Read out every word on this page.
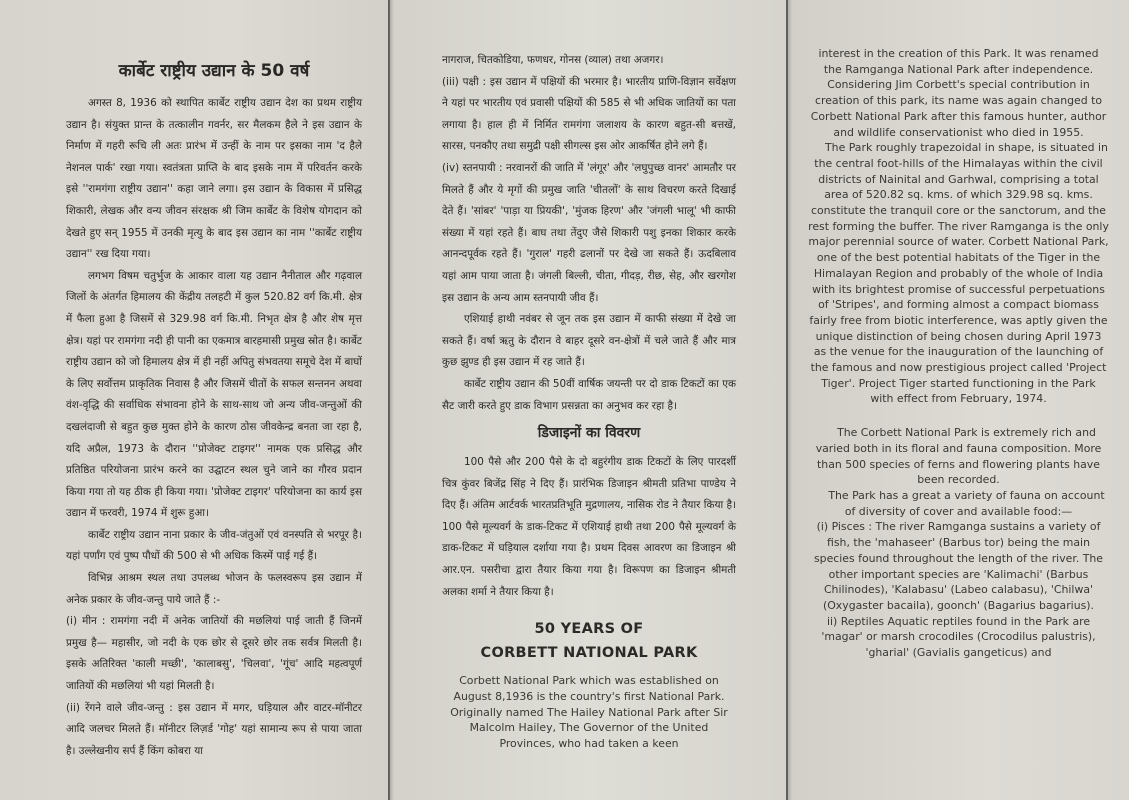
कार्बेट राष्ट्रीय उद्यान के 50 वर्ष

अगस्त 8, 1936 को स्थापित कार्बेट राष्ट्रीय उद्यान देश का प्रथम राष्ट्रीय उद्यान है। संयुक्त प्रान्त के तत्कालीन गवर्नर, सर मैलकम हैले ने इस उद्यान के निर्माण में गहरी रूचि ली अतः प्रारंभ में उन्हीं के नाम पर इसका नाम 'द हैले नेशनल पार्क' रखा गया। स्वतंत्रता प्राप्ति के बाद इसके नाम में परिवर्तन करके इसे ''रामगंगा राष्ट्रीय उद्यान'' कहा जाने लगा। इस उद्यान के विकास में प्रसिद्ध शिकारी, लेखक और वन्य जीवन संरक्षक श्री जिम कार्बेट के विशेष योगदान को देखते हुए सन् 1955 में उनकी मृत्यु के बाद इस उद्यान का नाम ''कार्बेट राष्ट्रीय उद्यान'' रख दिया गया।

लगभग विषम चतुर्भुज के आकार वाला यह उद्यान नैनीताल और गढ़वाल जिलों के अंतर्गत हिमालय की केंद्रीय तलहटी में कुल 520.82 वर्ग कि.मी. क्षेत्र में फैला हुआ है जिसमें से 329.98 वर्ग कि.मी. निभृत क्षेत्र है और शेष मृत्त क्षेत्र। यहां पर रामगंगा नदी ही पानी का एकमात्र बारहमासी प्रमुख स्रोत है। कार्बेट राष्ट्रीय उद्यान को जो हिमालय क्षेत्र में ही नहीं अपितु संभवतया समूचे देश में बाघों के लिए सर्वोत्तम प्राकृतिक निवास है और जिसमें चीतों के सफल सन्तनन अथवा वंश-वृद्धि की सर्वाधिक संभावना होने के साथ-साथ जो अन्य जीव-जन्तुओं की दखलंदाजी से बहुत कुछ मुक्त होने के कारण ठोस जीवकेन्द्र बनता जा रहा है, यदि अप्रैल, 1973 के दौरान ''प्रोजेक्ट टाइगर'' नामक एक प्रसिद्ध और प्रतिष्ठित परियोजना प्रारंभ करने का उद्घाटन स्थल चुने जाने का गौरव प्रदान किया गया तो यह ठीक ही किया गया। 'प्रोजेक्ट टाइगर' परियोजना का कार्य इस उद्यान में फरवरी, 1974 में शुरू हुआ।

कार्बेट राष्ट्रीय उद्यान नाना प्रकार के जीव-जंतुओं एवं वनस्पति से भरपूर है। यहां पर्णांग एवं पुष्प पौधों की 500 से भी अधिक किस्में पाई गई हैं।

विभिन्न आश्रम स्थल तथा उपलब्ध भोजन के फलस्वरूप इस उद्यान में अनेक प्रकार के जीव-जन्तु पाये जाते हैं :-

(i) मीन : रामगंगा नदी में अनेक जातियों की मछलियां पाई जाती हैं जिनमें प्रमुख है— महासीर, जो नदी के एक छोर से दूसरे छोर तक सर्वत्र मिलती है। इसके अतिरिक्त 'काली मच्छी', 'कालाबसु', 'चिलवा', 'गूंच' आदि महत्वपूर्ण जातियों की मछलियां भी यहां मिलती है।

(ii) रेंगने वाले जीव-जन्तु : इस उद्यान में मगर, घड़ियाल और वाटर-मॉनीटर आदि जलचर मिलते हैं। मॉनीटर लिज़र्ड 'गोह' यहां सामान्य रूप से पाया जाता है। उल्लेखनीय सर्प हैं किंग कोबरा या

नागराज, चितकोडिया, फणधर, गोनस (व्याल) तथा अजगर।

(iii) पक्षी : इस उद्यान में पक्षियों की भरमार है। भारतीय प्राणि-विज्ञान सर्वेक्षण ने यहां पर भारतीय एवं प्रवासी पक्षियों की 585 से भी अधिक जातियों का पता लगाया है। हाल ही में निर्मित रामगंगा जलाशय के कारण बहुत-सी बत्तखें, सारस, पनकौए तथा समुद्री पक्षी सीगल्स इस ओर आकर्षित होने लगे हैं।

(iv) स्तनपायी : नरवानरों की जाति में 'लंगूर' और 'लघुपुच्छ वानर' आमतौर पर मिलते हैं और ये मृगों की प्रमुख जाति 'चीतलों' के साथ विचरण करते दिखाई देते हैं। 'सांबर' 'पाड़ा या प्रियकी', 'मुंजक हिरण' और 'जंगली भालू' भी काफी संख्या में यहां रहते हैं। बाघ तथा तेंदुए जैसे शिकारी पशु इनका शिकार करके आनन्दपूर्वक रहते हैं। 'गुराल' गहरी ढलानों पर देखे जा सकते हैं। ऊदबिलाव यहां आम पाया जाता है। जंगली बिल्ली, चीता, गीदड़, रीछ, सेह, और खरगोश इस उद्यान के अन्य आम स्तनपायी जीव हैं।

एशियाई हाथी नवंबर से जून तक इस उद्यान में काफी संख्या में देखे जा सकते हैं। वर्षा ऋतु के दौरान वे बाहर दूसरे वन-क्षेत्रों में चले जाते हैं और मात्र कुछ झुण्ड ही इस उद्यान में रह जाते हैं।

कार्बेट राष्ट्रीय उद्यान की 50वीं वार्षिक जयन्ती पर दो डाक टिकटों का एक सैट जारी करते हुए डाक विभाग प्रसन्नता का अनुभव कर रहा है।

डिजाइनों का विवरण

100 पैसे और 200 पैसे के दो बहुरंगीय डाक टिकटों के लिए पारदर्शी चित्र कुंवर बिजेंद्र सिंह ने दिए हैं। प्रारंभिक डिजाइन श्रीमती प्रतिभा पाण्डेय ने दिए हैं। अंतिम आर्टवर्क भारतप्रतिभूति मुद्रणालय, नासिक रोड ने तैयार किया है। 100 पैसे मूल्यवर्ग के डाक-टिकट में एशियाई हाथी तथा 200 पैसे मूल्यवर्ग के डाक-टिकट में घड़ियाल दर्शाया गया है। प्रथम दिवस आवरण का डिजाइन श्री आर.एन. पसरीचा द्वारा तैयार किया गया है। विरूपण का डिजाइन श्रीमती अलका शर्मा ने तैयार किया है।

50 YEARS OF
CORBETT NATIONAL PARK

Corbett National Park which was established on August 8,1936 is the country's first National Park. Originally named The Hailey National Park after Sir Malcolm Hailey, The Governor of the United Provinces, who had taken a keen

interest in the creation of this Park. It was renamed the Ramganga National Park after independence. Considering Jim Corbett's special contribution in creation of this park, its name was again changed to Corbett National Park after this famous hunter, author and wildlife conservationist who died in 1955.

The Park roughly trapezoidal in shape, is situated in the central foot-hills of the Himalayas within the civil districts of Nainital and Garhwal, comprising a total area of 520.82 sq. kms. of which 329.98 sq. kms. constitute the tranquil core or the sanctorum, and the rest forming the buffer. The river Ramganga is the only major perennial source of water. Corbett National Park, one of the best potential habitats of the Tiger in the Himalayan Region and probably of the whole of India with its brightest promise of successful perpetuations of 'Stripes', and forming almost a compact biomass fairly free from biotic interference, was aptly given the unique distinction of being chosen during April 1973 as the venue for the inauguration of the launching of the famous and now prestigious project called 'Project Tiger'. Project Tiger started functioning in the Park with effect from February, 1974.

The Corbett National Park is extremely rich and varied both in its floral and fauna composition. More than 500 species of ferns and flowering plants have been recorded.

The Park has a great a variety of fauna on account of diversity of cover and available food:—

(i) Pisces : The river Ramganga sustains a variety of fish, the 'mahaseer' (Barbus tor) being the main species found throughout the length of the river. The other important species are 'Kalimachi' (Barbus Chilinodes), 'Kalabasu' (Labeo calabasu), 'Chilwa' (Oxygaster bacaila), goonch' (Bagarius bagarius).

ii) Reptiles Aquatic reptiles found in the Park are 'magar' or marsh crocodiles (Crocodilus palustris), 'gharial' (Gavialis gangeticus) and
